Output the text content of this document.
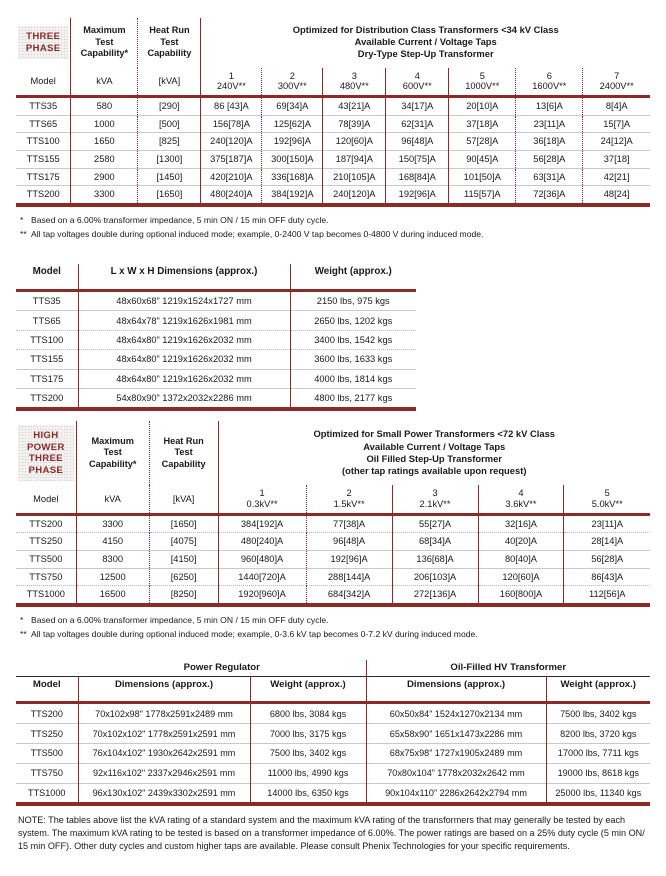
THREE PHASE	Maximum
Test
Capability*	Heat Run
Test
Capability	Optimized for Distribution Class Transformers <34 kV Class
Available Current / Voltage Taps
Dry-Type Step-Up Transformer						
Model	kVA	[kVA]	1
240V**	2
300V**	3
480V**	4
600V**	5
1000V**	6
1600V**	7
2400V**
TTS35	580	[290]	86 [43]A	69[34]A	43[21]A	34[17]A	20[10]A	13[6]A	8[4]A
TTS65	1000	[500]	156[78]A	125[62]A	78[39]A	62[31]A	37[18]A	23[11]A	15[7]A
TTS100	1650	[825]	240[120]A	192[96]A	120[60]A	96[48]A	57[28]A	36[18]A	24[12]A
TTS155	2580	[1300]	375[187]A	300[150]A	187[94]A	150[75]A	90[45]A	56[28]A	37[18]
TTS175	2900	[1450]	420[210]A	336[168]A	210[105]A	168[84]A	101[50]A	63[31]A	42[21]
TTS200	3300	[1650]	480[240]A	384[192]A	240[120]A	192[96]A	115[57]A	72[36]A	48[24]
* Based on a 6.00% transformer impedance, 5 min ON / 15 min OFF duty cycle.
** All tap voltages double during optional induced mode; example, 0-2400 V tap becomes 0-4800 V during induced mode.
Model	L x W x H Dimensions (approx.)	Weight (approx.)

TTS35	48x60x68” 1219x1524x1727 mm	2150 lbs, 975 kgs
TTS65	48x64x78” 1219x1626x1981 mm	2650 lbs, 1202 kgs
TTS100	48x64x80” 1219x1626x2032 mm	3400 lbs, 1542 kgs
TTS155	48x64x80” 1219x1626x2032 mm	3600 lbs, 1633 kgs
TTS175	48x64x80” 1219x1626x2032 mm	4000 lbs, 1814 kgs
TTS200	54x80x90” 1372x2032x2286 mm	4800 lbs, 2177 kgs
HIGH
POWER
THREE
PHASE	Maximum
Test
Capability*	Heat Run
Test
Capability	Optimized for Small Power Transformers <72 kV Class
Available Current / Voltage Taps
Oil Filled Step-Up Transformer
(other tap ratings available upon request)				
Model	kVA	[kVA]	1
0.3kV**	2
1.5kV**	3
2.1kV**	4
3.6kV**	5
5.0kV**
TTS200	3300	[1650]	384[192]A	77[38]A	55[27]A	32[16]A	23[11]A
TTS250	4150	[4075]	480[240]A	96[48]A	68[34]A	40[20]A	28[14]A
TTS500	8300	[4150]	960[480]A	192[96]A	136[68]A	80[40]A	56[28]A
TTS750	12500	[6250]	1440[720]A	288[144]A	206[103]A	120[60]A	86[43]A
TTS1000	16500	[8250]	1920[960]A	684[342]A	272[136]A	160[800]A	112[56]A
* Based on a 6.00% transformer impedance, 5 min ON / 15 min OFF duty cycle.
** All tap voltages double during optional induced mode; example, 0-3.6 kV tap becomes 0-7.2 kV during induced mode.
	Power Regulator		Oil-Filled HV Transformer	
Model	Dimensions (approx.)	Weight (approx.)	Dimensions (approx.)	Weight (approx.)

TTS200	70x102x98" 1778x2591x2489 mm	6800 lbs, 3084 kgs	60x50x84” 1524x1270x2134 mm	7500 lbs, 3402 kgs
TTS250	70x102x102" 1778x2591x2591 mm	7000 lbs, 3175 kgs	65x58x90” 1651x1473x2286 mm	8200 lbs, 3720 kgs
TTS500	76x104x102" 1930x2642x2591 mm	7500 lbs, 3402 kgs	68x75x98” 1727x1905x2489 mm	17000 lbs, 7711 kgs
TTS750	92x116x102" 2337x2946x2591 mm	11000 lbs, 4990 kgs	70x80x104” 1778x2032x2642 mm	19000 lbs, 8618 kgs
TTS1000	96x130x102" 2439x3302x2591 mm	14000 lbs, 6350 kgs	90x104x110” 2286x2642x2794 mm	25000 lbs, 11340 kgs
NOTE: The tables above list the kVA rating of a standard system and the maximum kVA rating of the transformers that may generally be tested by each system. The maximum kVA rating to be tested is based on a transformer impedance of 6.00%. The power ratings are based on a 25% duty cycle (5 min ON/ 15 min OFF). Other duty cycles and custom higher taps are available. Please consult Phenix Technologies for your specific requirements.
